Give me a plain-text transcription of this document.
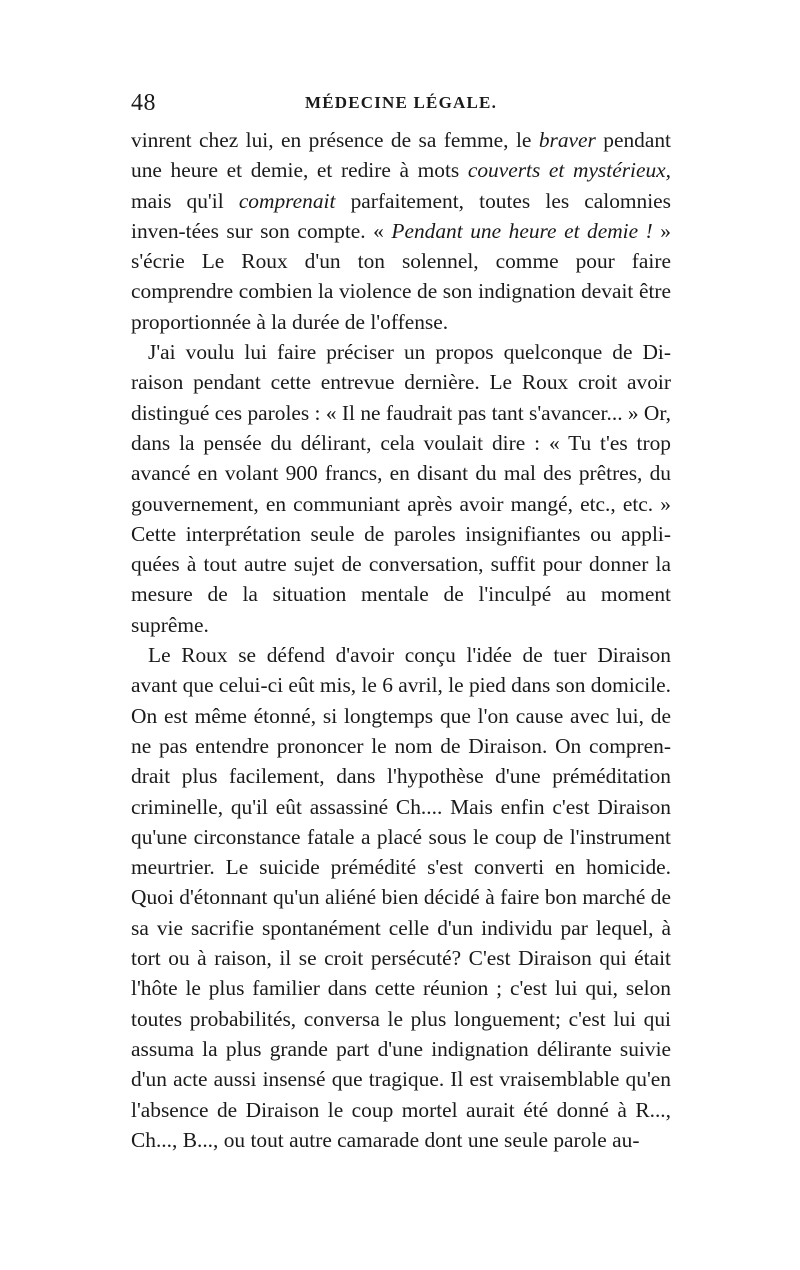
48	MÉDECINE LÉGALE.

vinrent chez lui, en présence de sa femme, le braver pendant une heure et demie, et redire à mots couverts et mystérieux, mais qu'il comprenait parfaitement, toutes les calomnies inven-tées sur son compte. « Pendant une heure et demie ! » s'écrie Le Roux d'un ton solennel, comme pour faire comprendre combien la violence de son indignation devait être proportionnée à la durée de l'offense.

J'ai voulu lui faire préciser un propos quelconque de Di-raison pendant cette entrevue dernière. Le Roux croit avoir distingué ces paroles : « Il ne faudrait pas tant s'avancer... » Or, dans la pensée du délirant, cela voulait dire : « Tu t'es trop avancé en volant 900 francs, en disant du mal des prêtres, du gouvernement, en communiant après avoir mangé, etc., etc. » Cette interprétation seule de paroles insignifiantes ou appli-quées à tout autre sujet de conversation, suffit pour donner la mesure de la situation mentale de l'inculpé au moment suprême.

Le Roux se défend d'avoir conçu l'idée de tuer Diraison avant que celui-ci eût mis, le 6 avril, le pied dans son domicile. On est même étonné, si longtemps que l'on cause avec lui, de ne pas entendre prononcer le nom de Diraison. On compren-drait plus facilement, dans l'hypothèse d'une préméditation criminelle, qu'il eût assassiné Ch.... Mais enfin c'est Diraison qu'une circonstance fatale a placé sous le coup de l'instrument meurtrier. Le suicide prémédité s'est converti en homicide. Quoi d'étonnant qu'un aliéné bien décidé à faire bon marché de sa vie sacrifie spontanément celle d'un individu par lequel, à tort ou à raison, il se croit persécuté? C'est Diraison qui était l'hôte le plus familier dans cette réunion ; c'est lui qui, selon toutes probabilités, conversa le plus longuement; c'est lui qui assuma la plus grande part d'une indignation délirante suivie d'un acte aussi insensé que tragique. Il est vraisemblable qu'en l'absence de Diraison le coup mortel aurait été donné à R..., Ch..., B..., ou tout autre camarade dont une seule parole au-
